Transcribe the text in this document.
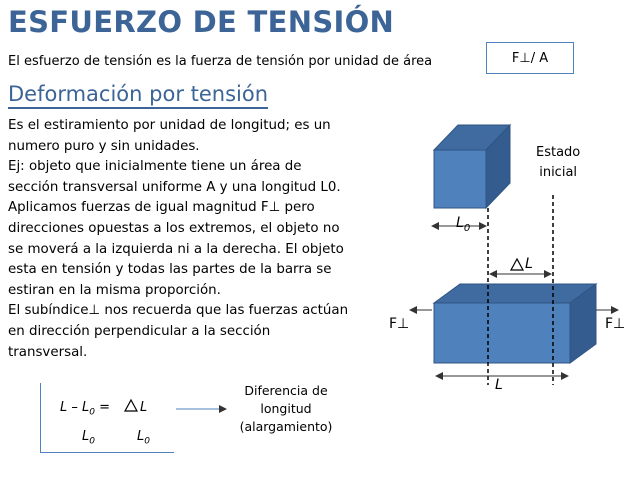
ESFUERZO DE TENSIÓN
El esfuerzo de tensión es la fuerza de tensión por unidad de área	F⊥/ A
Deformación por tensión
Es el estiramiento por unidad de longitud; es un
numero puro y sin unidades.
Ej: objeto que inicialmente tiene un área de
sección transversal uniforme A y una longitud L0.
Aplicamos fuerzas de igual magnitud F⊥ pero
direcciones opuestas a los extremos, el objeto no
se moverá a la izquierda ni a la derecha. El objeto
esta en tensión y todas las partes de la barra se
estiran en la misma proporción.
El subíndice⊥ nos recuerda que las fuerzas actúan
en dirección perpendicular a la sección
transversal.
Estado
inicial
$L_0$
L
F⊥	F⊥
L
L – $L_0$ =
$L_0$
L
$L_0$
Diferencia de
longitud
(alargamiento)
